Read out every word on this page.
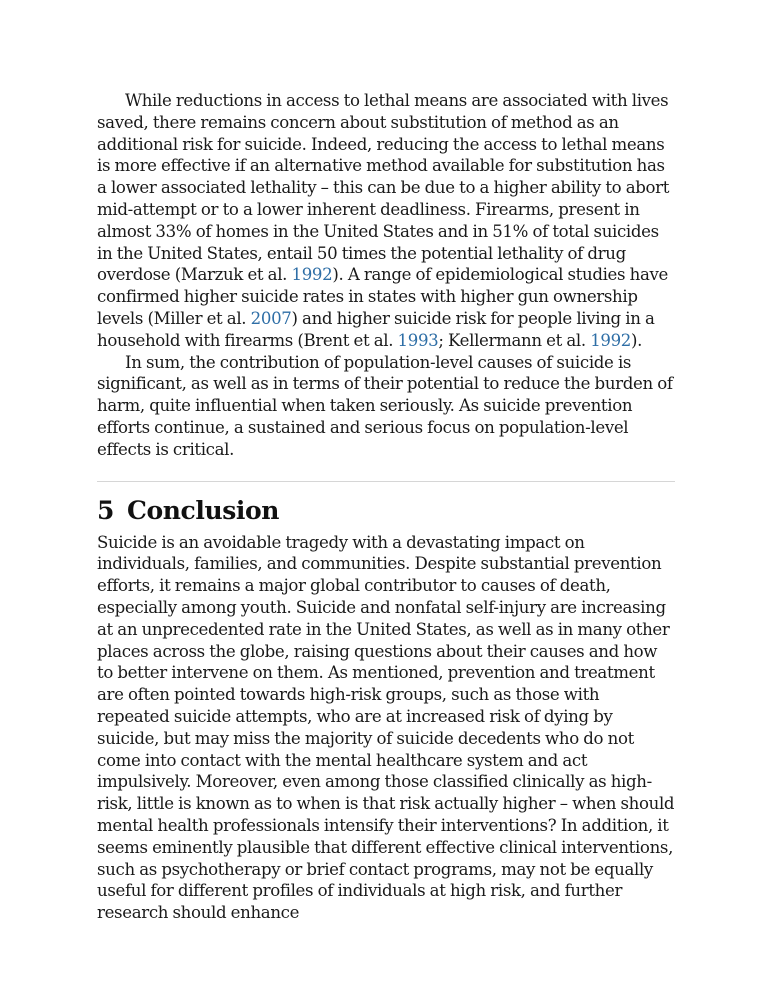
While reductions in access to lethal means are associated with lives saved, there remains concern about substitution of method as an additional risk for suicide. Indeed, reducing the access to lethal means is more effective if an alternative method available for substitution has a lower associated lethality – this can be due to a higher ability to abort mid-attempt or to a lower inherent deadliness. Firearms, present in almost 33% of homes in the United States and in 51% of total suicides in the United States, entail 50 times the potential lethality of drug overdose (Marzuk et al. 1992). A range of epidemiological studies have confirmed higher suicide rates in states with higher gun ownership levels (Miller et al. 2007) and higher suicide risk for people living in a household with firearms (Brent et al. 1993; Kellermann et al. 1992).

In sum, the contribution of population-level causes of suicide is significant, as well as in terms of their potential to reduce the burden of harm, quite influential when taken seriously. As suicide prevention efforts continue, a sustained and serious focus on population-level effects is critical.

5 Conclusion

Suicide is an avoidable tragedy with a devastating impact on individuals, families, and communities. Despite substantial prevention efforts, it remains a major global contributor to causes of death, especially among youth. Suicide and nonfatal self-injury are increasing at an unprecedented rate in the United States, as well as in many other places across the globe, raising questions about their causes and how to better intervene on them. As mentioned, prevention and treatment are often pointed towards high-risk groups, such as those with repeated suicide attempts, who are at increased risk of dying by suicide, but may miss the majority of suicide decedents who do not come into contact with the mental healthcare system and act impulsively. Moreover, even among those classified clinically as high-risk, little is known as to when is that risk actually higher – when should mental health professionals intensify their interventions? In addition, it seems eminently plausible that different effective clinical interventions, such as psychotherapy or brief contact programs, may not be equally useful for different profiles of individuals at high risk, and further research should enhance
